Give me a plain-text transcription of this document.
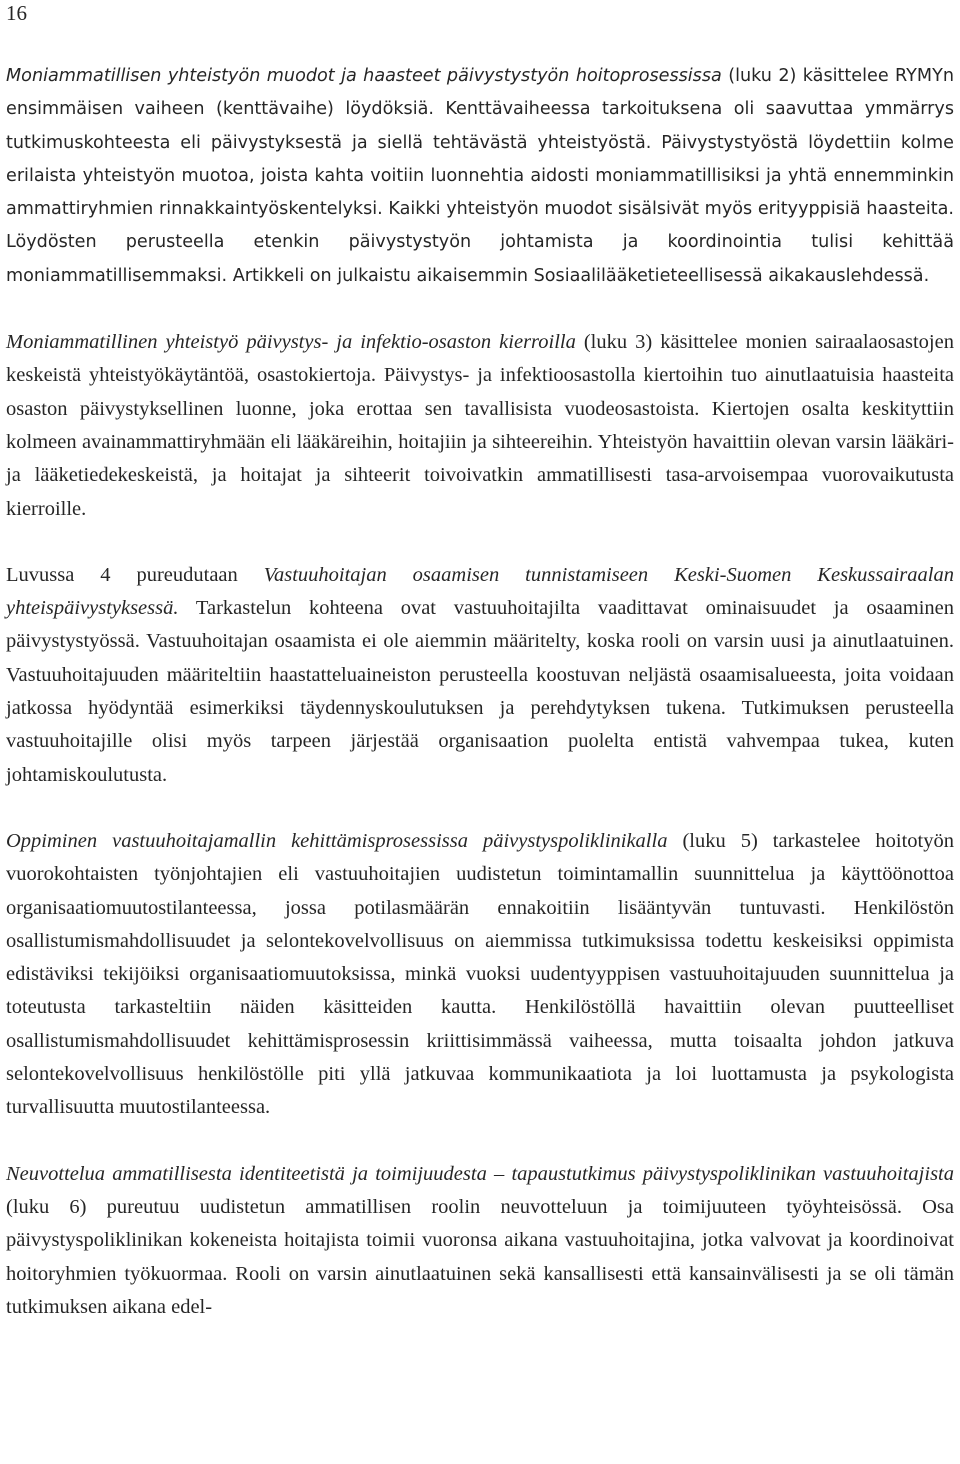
16

Moniammatillisen yhteistyön muodot ja haasteet päivystystyön hoitoprosessissa (luku 2) käsittelee RYMYn ensimmäisen vaiheen (kenttävaihe) löydöksiä. Kenttävaiheessa tarkoituksena oli saavuttaa ymmärrys tutkimuskohteesta eli päivystyksestä ja siellä tehtävästä yhteistyöstä. Päivystystyöstä löydettiin kolme erilaista yhteistyön muotoa, joista kahta voitiin luonnehtia aidosti moniammatillisiksi ja yhtä ennemminkin ammattiryhmien rinnakkaintyöskentelyksi. Kaikki yhteistyön muodot sisälsivät myös erityyppisiä haasteita. Löydösten perusteella etenkin päivystystyön johtamista ja koordinointia tulisi kehittää moniammatillisemmaksi. Artikkeli on julkaistu aikaisemmin Sosiaalilääketieteellisessä aikakauslehdessä.

Moniammatillinen yhteistyö päivystys- ja infektio-osaston kierroilla (luku 3) käsittelee monien sairaalaosastojen keskeistä yhteistyökäytäntöä, osastokiertoja. Päivystys- ja infektioosastolla kiertoihin tuo ainutlaatuisia haasteita osaston päivystyksellinen luonne, joka erottaa sen tavallisista vuodeosastoista. Kiertojen osalta keskityttiin kolmeen avainammattiryhmään eli lääkäreihin, hoitajiin ja sihteereihin. Yhteistyön havaittiin olevan varsin lääkäri- ja lääketiedekeskeistä, ja hoitajat ja sihteerit toivoivatkin ammatillisesti tasa-arvoisempaa vuorovaikutusta kierroille.

Luvussa 4 pureudutaan Vastuuhoitajan osaamisen tunnistamiseen Keski-Suomen Keskussairaalan yhteispäivystyksessä. Tarkastelun kohteena ovat vastuuhoitajilta vaadittavat ominaisuudet ja osaaminen päivystystyössä. Vastuuhoitajan osaamista ei ole aiemmin määritelty, koska rooli on varsin uusi ja ainutlaatuinen. Vastuuhoitajuuden määriteltiin haastatteluaineiston perusteella koostuvan neljästä osaamisalueesta, joita voidaan jatkossa hyödyntää esimerkiksi täydennyskoulutuksen ja perehdytyksen tukena. Tutkimuksen perusteella vastuuhoitajille olisi myös tarpeen järjestää organisaation puolelta entistä vahvempaa tukea, kuten johtamiskoulutusta.

Oppiminen vastuuhoitajamallin kehittämisprosessissa päivystyspoliklinikalla (luku 5) tarkastelee hoitotyön vuorokohtaisten työnjohtajien eli vastuuhoitajien uudistetun toimintamallin suunnittelua ja käyttöönottoa organisaatiomuutostilanteessa, jossa potilasmäärän ennakoitiin lisääntyvän tuntuvasti. Henkilöstön osallistumismahdollisuudet ja selontekovelvollisuus on aiemmissa tutkimuksissa todettu keskeisiksi oppimista edistäviksi tekijöiksi organisaatiomuutoksissa, minkä vuoksi uudentyyppisen vastuuhoitajuuden suunnittelua ja toteutusta tarkasteltiin näiden käsitteiden kautta. Henkilöstöllä havaittiin olevan puutteelliset osallistumismahdollisuudet kehittämisprosessin kriittisimmässä vaiheessa, mutta toisaalta johdon jatkuva selontekovelvollisuus henkilöstölle piti yllä jatkuvaa kommunikaatiota ja loi luottamusta ja psykologista turvallisuutta muutostilanteessa.

Neuvottelua ammatillisesta identiteetistä ja toimijuudesta – tapaustutkimus päivystyspoliklinikan vastuuhoitajista (luku 6) pureutuu uudistetun ammatillisen roolin neuvotteluun ja toimijuuteen työyhteisössä. Osa päivystyspoliklinikan kokeneista hoitajista toimii vuoronsa aikana vastuuhoitajina, jotka valvovat ja koordinoivat hoitoryhmien työkuormaa. Rooli on varsin ainutlaatuinen sekä kansallisesti että kansainvälisesti ja se oli tämän tutkimuksen aikana edel-
